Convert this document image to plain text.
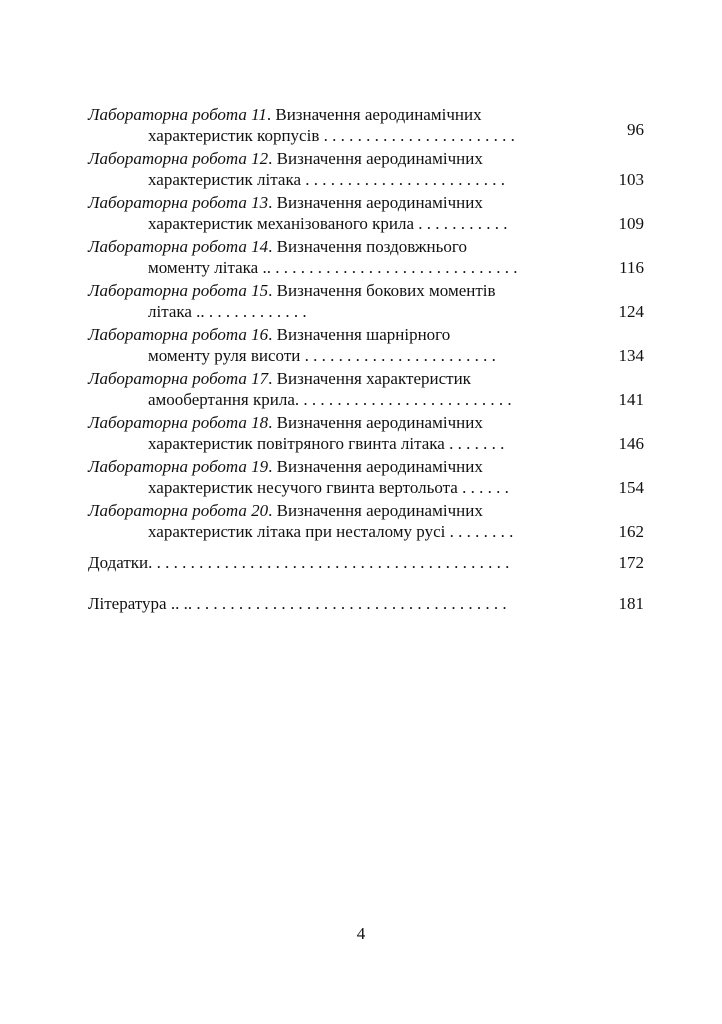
Лабораторна робота 11. Визначення аеродинамічних
характеристик корпусів . . . . . . . . . . . . . . . . . . . . . . .	96
Лабораторна робота 12. Визначення аеродинамічних
характеристик літака . . . . . . . . . . . . . . . . . . . . . . . .	103
Лабораторна робота 13. Визначення аеродинамічних
характеристик механізованого крила . . . . . . . . . . .	109
Лабораторна робота 14. Визначення поздовжнього
моменту літака .. . . . . . . . . . . . . . . . . . . . . . . . . . . . . .	116
Лабораторна робота 15. Визначення бокових моментів
літака .. . . . . . . . . . . . .	124
Лабораторна робота 16. Визначення шарнірного
моменту руля висоти . . . . . . . . . . . . . . . . . . . . . . .	134
Лабораторна робота 17. Визначення характеристик
амообертання крила. . . . . . . . . . . . . . . . . . . . . . . . . .	141
Лабораторна робота 18. Визначення аеродинамічних
характеристик повітряного гвинта літака . . . . . . .	146
Лабораторна робота 19. Визначення аеродинамічних
характеристик несучого гвинта вертольота . . . . . .	154
Лабораторна робота 20. Визначення аеродинамічних
характеристик літака при несталому русі . . . . . . . .	162
Додатки. . . . . . . . . . . . . . . . . . . . . . . . . . . . . . . . . . . . . . . . . . .	172
Література .. .. . . . . . . . . . . . . . . . . . . . . . . . . . . . . . . . . . . . . .	181
4
